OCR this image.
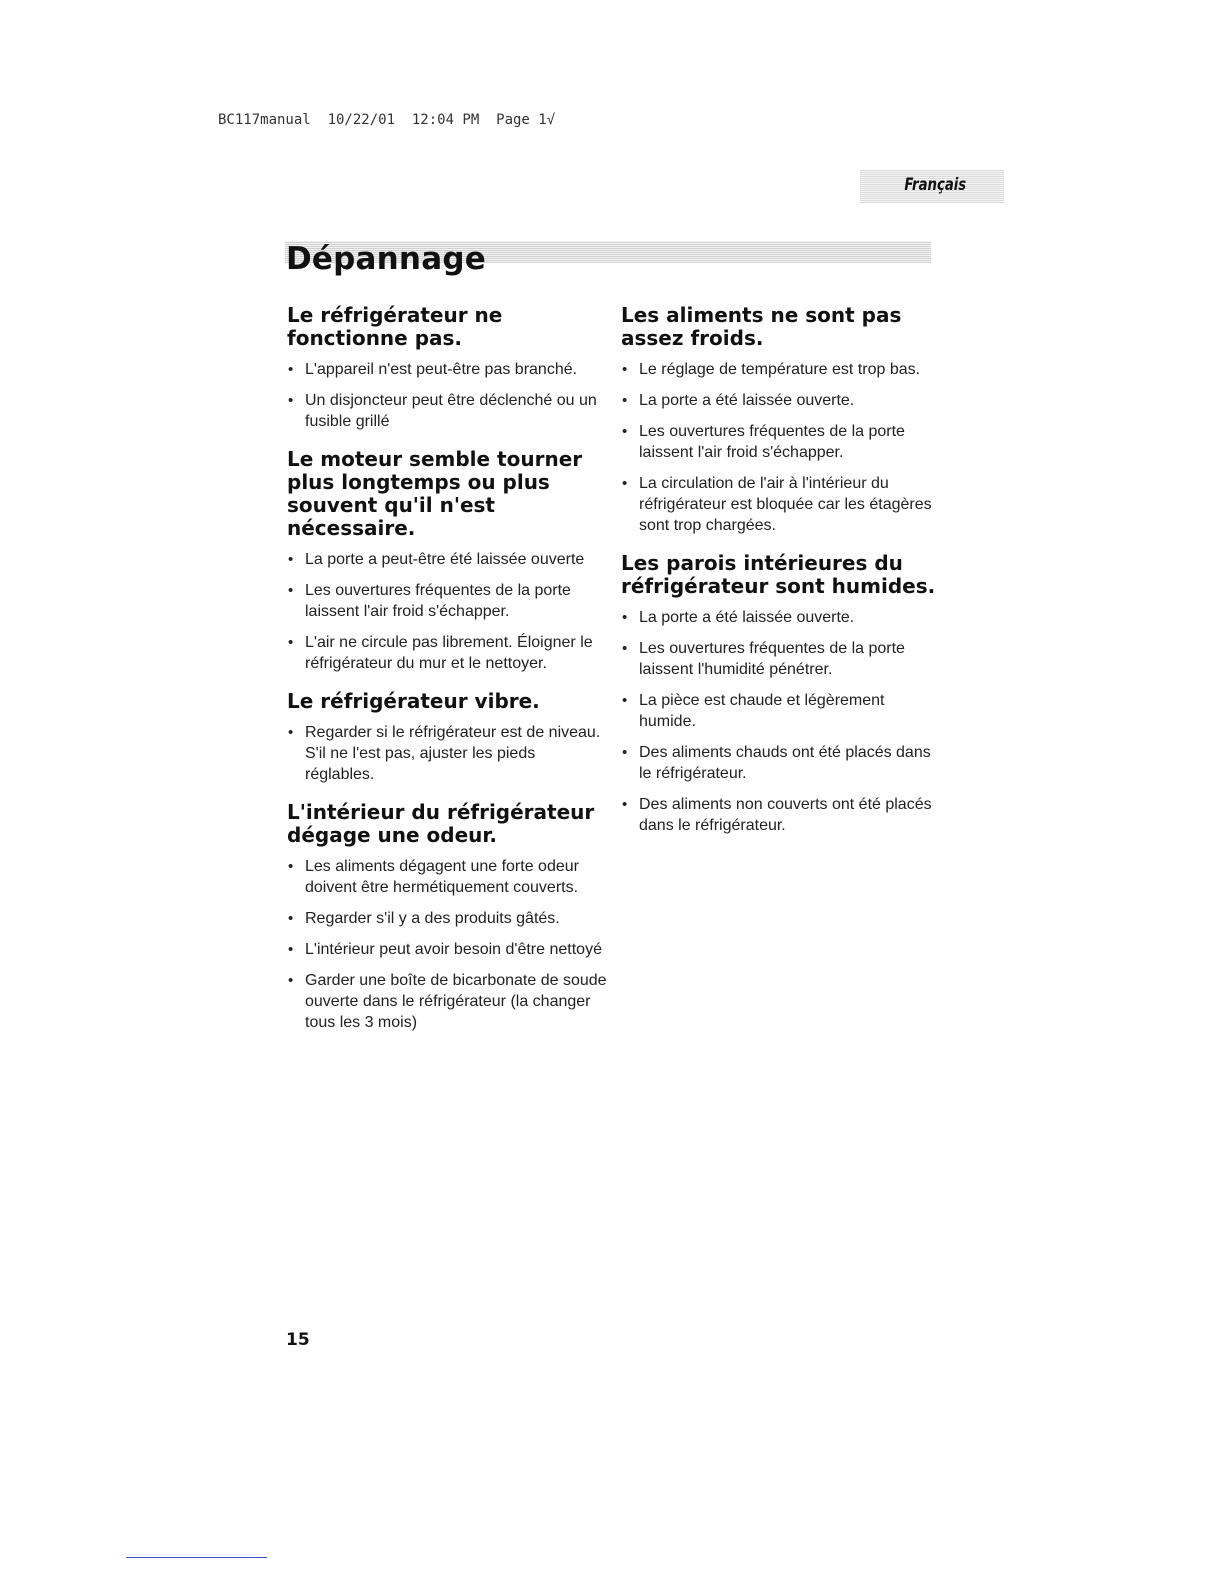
BC117manual  10/22/01  12:04 PM  Page 1√
Français
Dépannage
Le réfrigérateur ne fonctionne pas.
• L'appareil n'est peut-être pas branché.
• Un disjoncteur peut être déclenché ou un fusible grillé
Le moteur semble tourner plus longtemps ou plus souvent qu'il n'est nécessaire.
• La porte a peut-être été laissée ouverte
• Les ouvertures fréquentes de la porte laissent l'air froid s'échapper.
• L'air ne circule pas librement. Éloigner le réfrigérateur du mur et le nettoyer.
Le réfrigérateur vibre.
• Regarder si le réfrigérateur est de niveau. S'il ne l'est pas, ajuster les pieds réglables.
L'intérieur du réfrigérateur dégage une odeur.
• Les aliments dégagent une forte odeur doivent être hermétiquement couverts.
• Regarder s'il y a des produits gâtés.
• L'intérieur peut avoir besoin d'être nettoyé
• Garder une boîte de bicarbonate de soude ouverte dans le réfrigérateur (la changer tous les 3 mois)
Les aliments ne sont pas assez froids.
• Le réglage de température est trop bas.
• La porte a été laissée ouverte.
• Les ouvertures fréquentes de la porte laissent l'air froid s'échapper.
• La circulation de l'air à l'intérieur du réfrigérateur est bloquée car les étagères sont trop chargées.
Les parois intérieures du réfrigérateur sont humides.
• La porte a été laissée ouverte.
• Les ouvertures fréquentes de la porte laissent l'humidité pénétrer.
• La pièce est chaude et légèrement humide.
• Des aliments chauds ont été placés dans le réfrigérateur.
• Des aliments non couverts ont été placés dans le réfrigérateur.
15
